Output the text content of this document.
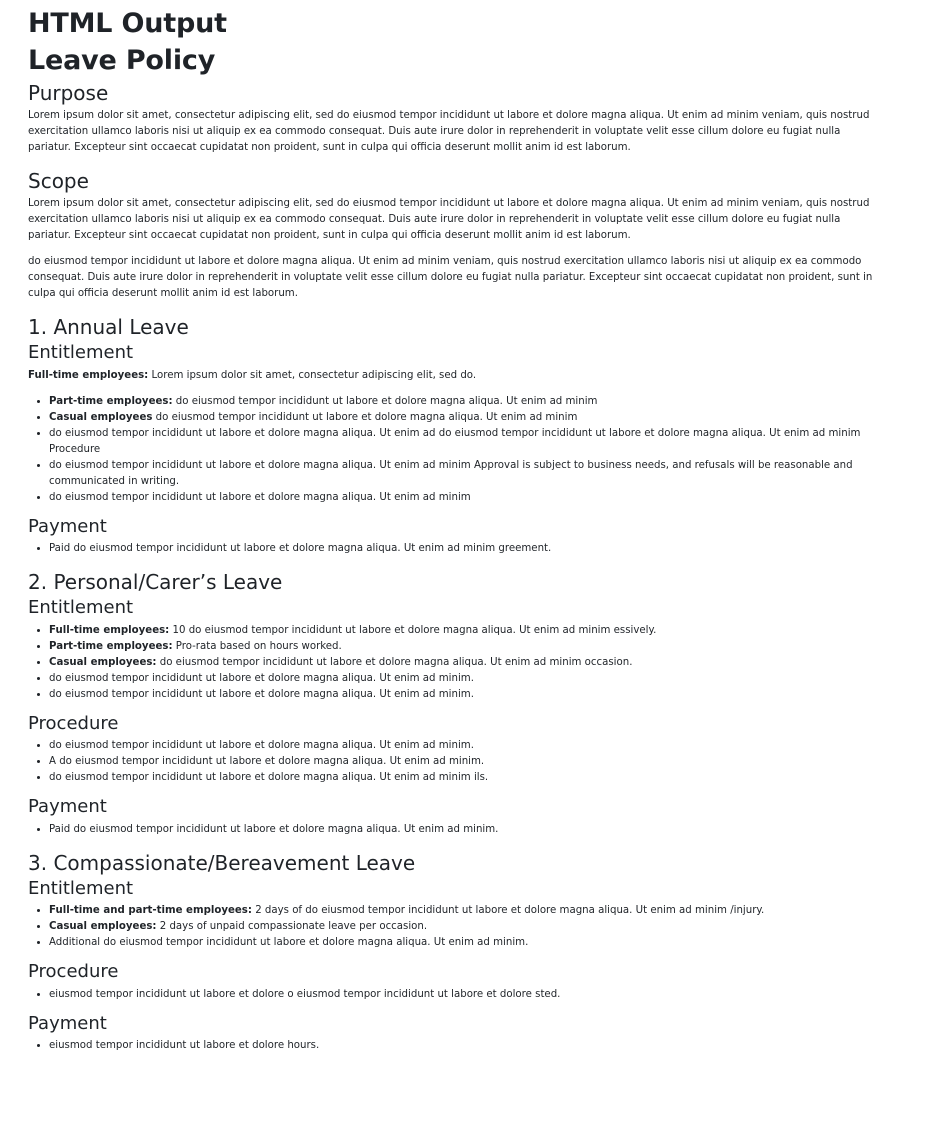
HTML Output
Leave Policy
Purpose

Lorem ipsum dolor sit amet, consectetur adipiscing elit, sed do eiusmod tempor incididunt ut labore et dolore magna aliqua. Ut enim ad minim veniam, quis nostrud exercitation ullamco laboris nisi ut aliquip ex ea commodo consequat. Duis aute irure dolor in reprehenderit in voluptate velit esse cillum dolore eu fugiat nulla pariatur. Excepteur sint occaecat cupidatat non proident, sunt in culpa qui officia deserunt mollit anim id est laborum.

Scope

Lorem ipsum dolor sit amet, consectetur adipiscing elit, sed do eiusmod tempor incididunt ut labore et dolore magna aliqua. Ut enim ad minim veniam, quis nostrud exercitation ullamco laboris nisi ut aliquip ex ea commodo consequat. Duis aute irure dolor in reprehenderit in voluptate velit esse cillum dolore eu fugiat nulla pariatur. Excepteur sint occaecat cupidatat non proident, sunt in culpa qui officia deserunt mollit anim id est laborum.

do eiusmod tempor incididunt ut labore et dolore magna aliqua. Ut enim ad minim veniam, quis nostrud exercitation ullamco laboris nisi ut aliquip ex ea commodo consequat. Duis aute irure dolor in reprehenderit in voluptate velit esse cillum dolore eu fugiat nulla pariatur. Excepteur sint occaecat cupidatat non proident, sunt in culpa qui officia deserunt mollit anim id est laborum.

1. Annual Leave
Entitlement

Full-time employees: Lorem ipsum dolor sit amet, consectetur adipiscing elit, sed do.

• Part-time employees: do eiusmod tempor incididunt ut labore et dolore magna aliqua. Ut enim ad minim
• Casual employees do eiusmod tempor incididunt ut labore et dolore magna aliqua. Ut enim ad minim
• do eiusmod tempor incididunt ut labore et dolore magna aliqua. Ut enim ad do eiusmod tempor incididunt ut labore et dolore magna aliqua. Ut enim ad minim Procedure
• do eiusmod tempor incididunt ut labore et dolore magna aliqua. Ut enim ad minim Approval is subject to business needs, and refusals will be reasonable and communicated in writing.
• do eiusmod tempor incididunt ut labore et dolore magna aliqua. Ut enim ad minim
Payment
• Paid do eiusmod tempor incididunt ut labore et dolore magna aliqua. Ut enim ad minim greement.
2. Personal/Carer’s Leave
Entitlement
• Full-time employees: 10 do eiusmod tempor incididunt ut labore et dolore magna aliqua. Ut enim ad minim essively.
• Part-time employees: Pro-rata based on hours worked.
• Casual employees: do eiusmod tempor incididunt ut labore et dolore magna aliqua. Ut enim ad minim occasion.
• do eiusmod tempor incididunt ut labore et dolore magna aliqua. Ut enim ad minim.
• do eiusmod tempor incididunt ut labore et dolore magna aliqua. Ut enim ad minim.
Procedure
• do eiusmod tempor incididunt ut labore et dolore magna aliqua. Ut enim ad minim.
• A do eiusmod tempor incididunt ut labore et dolore magna aliqua. Ut enim ad minim.
• do eiusmod tempor incididunt ut labore et dolore magna aliqua. Ut enim ad minim ils.
Payment
• Paid do eiusmod tempor incididunt ut labore et dolore magna aliqua. Ut enim ad minim.
3. Compassionate/Bereavement Leave
Entitlement
• Full-time and part-time employees: 2 days of do eiusmod tempor incididunt ut labore et dolore magna aliqua. Ut enim ad minim /injury.
• Casual employees: 2 days of unpaid compassionate leave per occasion.
• Additional do eiusmod tempor incididunt ut labore et dolore magna aliqua. Ut enim ad minim.
Procedure
• eiusmod tempor incididunt ut labore et dolore o eiusmod tempor incididunt ut labore et dolore sted.
Payment
• eiusmod tempor incididunt ut labore et dolore hours.
